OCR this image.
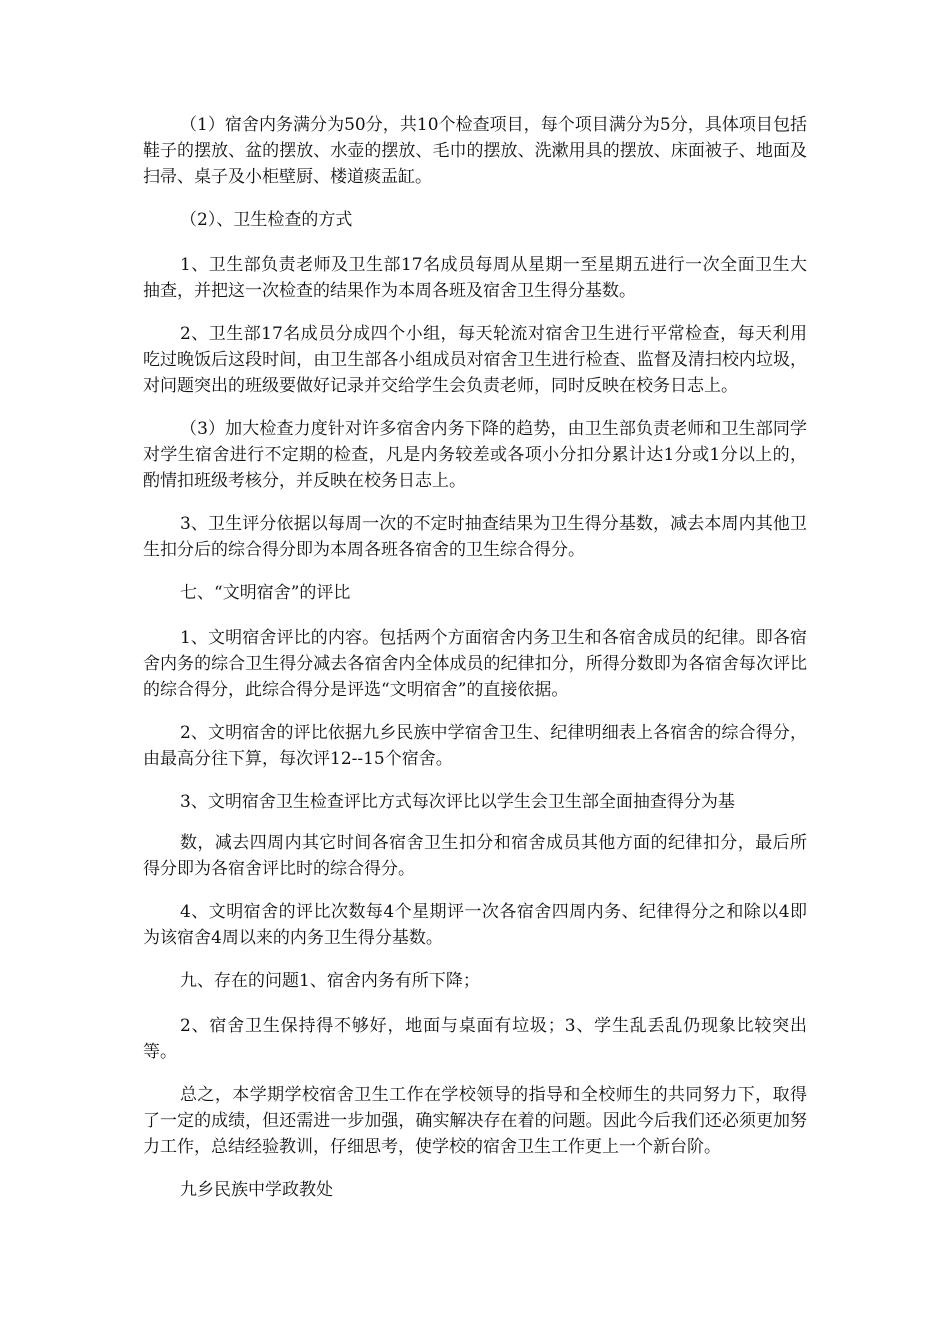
（1）宿舍内务满分为50分，共10个检查项目，每个项目满分为5分，具体项目包括鞋子的摆放、盆的摆放、水壶的摆放、毛巾的摆放、洗漱用具的摆放、床面被子、地面及扫帚、桌子及小柜壁厨、楼道痰盂缸。

（2）、卫生检查的方式

1、卫生部负责老师及卫生部17名成员每周从星期一至星期五进行一次全面卫生大抽查，并把这一次检查的结果作为本周各班及宿舍卫生得分基数。

2、卫生部17名成员分成四个小组，每天轮流对宿舍卫生进行平常检查，每天利用吃过晚饭后这段时间，由卫生部各小组成员对宿舍卫生进行检查、监督及清扫校内垃圾，对问题突出的班级要做好记录并交给学生会负责老师，同时反映在校务日志上。

（3）加大检查力度针对许多宿舍内务下降的趋势，由卫生部负责老师和卫生部同学对学生宿舍进行不定期的检查，凡是内务较差或各项小分扣分累计达1分或1分以上的，酌情扣班级考核分，并反映在校务日志上。

3、卫生评分依据以每周一次的不定时抽查结果为卫生得分基数，减去本周内其他卫生扣分后的综合得分即为本周各班各宿舍的卫生综合得分。

七、“文明宿舍”的评比

1、文明宿舍评比的内容。包括两个方面宿舍内务卫生和各宿舍成员的纪律。即各宿舍内务的综合卫生得分减去各宿舍内全体成员的纪律扣分，所得分数即为各宿舍每次评比的综合得分，此综合得分是评选“文明宿舍”的直接依据。

2、文明宿舍的评比依据九乡民族中学宿舍卫生、纪律明细表上各宿舍的综合得分，由最高分往下算，每次评12--15个宿舍。

3、文明宿舍卫生检查评比方式每次评比以学生会卫生部全面抽查得分为基

数，减去四周内其它时间各宿舍卫生扣分和宿舍成员其他方面的纪律扣分，最后所得分即为各宿舍评比时的综合得分。

4、文明宿舍的评比次数每4个星期评一次各宿舍四周内务、纪律得分之和除以4即为该宿舍4周以来的内务卫生得分基数。

九、存在的问题1、宿舍内务有所下降；

2、宿舍卫生保持得不够好，地面与桌面有垃圾；3、学生乱丢乱仍现象比较突出等。

总之，本学期学校宿舍卫生工作在学校领导的指导和全校师生的共同努力下，取得了一定的成绩，但还需进一步加强，确实解决存在着的问题。因此今后我们还必须更加努力工作，总结经验教训，仔细思考，使学校的宿舍卫生工作更上一个新台阶。

九乡民族中学政教处
